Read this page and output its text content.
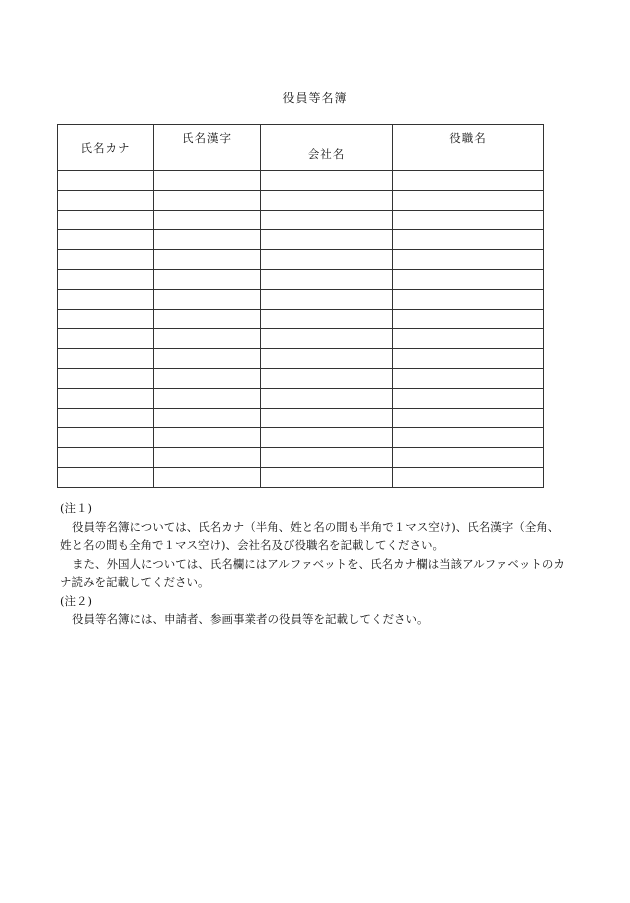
役員等名簿
氏名カナ	氏名漢字	会社名	役職名

(注１)

役員等名簿については、氏名カナ（半角、姓と名の間も半角で１マス空け)、氏名漢字（全角、

姓と名の間も全角で１マス空け)、会社名及び役職名を記載してください。

また、外国人については、氏名欄にはアルファベットを、氏名カナ欄は当該アルファベットのカ

ナ読みを記載してください。

(注２)

役員等名簿には、申請者、参画事業者の役員等を記載してください。
